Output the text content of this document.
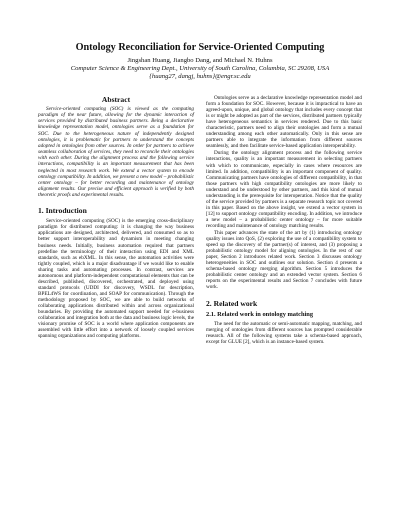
Ontology Reconciliation for Service-Oriented Computing
Jingshan Huang, Jiangbo Dang, and Michael N. Huhns
Computer Science & Engineering Dept., University of South Carolina, Columbia, SC 29208, USA
{huang27, dangj, huhns}@engr.sc.edu
Abstract

Service-oriented computing (SOC) is viewed as the computing paradigm of the near future, allowing for the dynamic interaction of services provided by distributed business partners. Being a declarative knowledge representation model, ontologies serve as a foundation for SOC. Due to the heterogeneous nature of independently designed ontologies, it is problematic for partners to understand the concepts adopted in ontologies from other sources. In order for partners to achieve seamless collaboration of services, they need to reconcile their ontologies with each other. During the alignment process and the following service interactions, compatibility is an important measurement that has been neglected in most research work. We extend a vector system to encode ontology compatibility. In addition, we present a new model – probabilistic center ontology – for better recording and maintenance of ontology alignment results. Our precise and efficient approach is verified by both theoretic proofs and experimental results.

1. Introduction

Service-oriented computing (SOC) is the emerging cross-disciplinary paradigm for distributed computing: it is changing the way business applications are designed, architected, delivered, and consumed so as to better support interoperability and dynamism in meeting changing business needs. Initially, business automation required that partners predefine the terminology of their interaction using EDI and XML standards, such as ebXML. In this sense, the automation activities were tightly coupled, which is a major disadvantage if we would like to enable sharing tasks and automating processes. In contrast, services are autonomous and platform-independent computational elements that can be described, published, discovered, orchestrated, and deployed using standard protocols (UDDI for discovery, WSDL for description, BPEL4WS for coordination, and SOAP for communication). Through the methodology proposed by SOC, we are able to build networks of collaborating applications distributed within and across organizational boundaries. By providing the automated support needed for e-business collaboration and integration both at the data and business logic levels, the visionary promise of SOC is a world where application components are assembled with little effort into a network of loosely coupled services spanning organizations and computing platforms.

Ontologies serve as a declarative knowledge representation model and form a foundation for SOC. However, because it is impractical to have an agreed-upon, unique, and global ontology that includes every concept that is or might be adopted as part of the services, distributed partners typically have heterogeneous semantics in services rendered. Due to this basic characteristic, partners need to align their ontologies and form a mutual understanding among each other automatically. Only in this sense are partners able to integrate the information from different sources seamlessly, and then facilitate service-based application interoperability.

During the ontology alignment process and the following service interactions, quality is an important measurement in selecting partners with which to communicate, especially in cases where resources are limited. In addition, compatibility is an important component of quality. Communicating partners have ontologies of different compatibility, in that those partners with high compatibility ontologies are more likely to understand and be understood by other partners, and this kind of mutual understanding is the prerequisite for interoperation. Notice that the quality of the service provided by partners is a separate research topic not covered in this paper. Based on the above insight, we extend a vector system in [12] to support ontology compatibility encoding. In addition, we introduce a new model – a probabilistic center ontology – for more suitable recording and maintenance of ontology matching results.

This paper advances the state of the art by (1) introducing ontology quality issues into QoS, (2) exploring the use of a compatibility system to speed up the discovery of the partner(s) of interest, and (3) proposing a probabilistic ontology model for aligning ontologies. In the rest of our paper, Section 2 introduces related work. Section 3 discusses ontology heterogeneities in SOC and outlines our solution. Section 4 presents a schema-based ontology merging algorithm. Section 5 introduces the probabilistic center ontology and an extended vector system. Section 6 reports on the experimental results and Section 7 concludes with future work.

2. Related work
2.1. Related work in ontology matching

The need for the automatic or semi-automatic mapping, matching, and merging of ontologies from different sources has prompted considerable research. All of the following systems take a schema-based approach, except for GLUE [2], which is an instance-based system.
